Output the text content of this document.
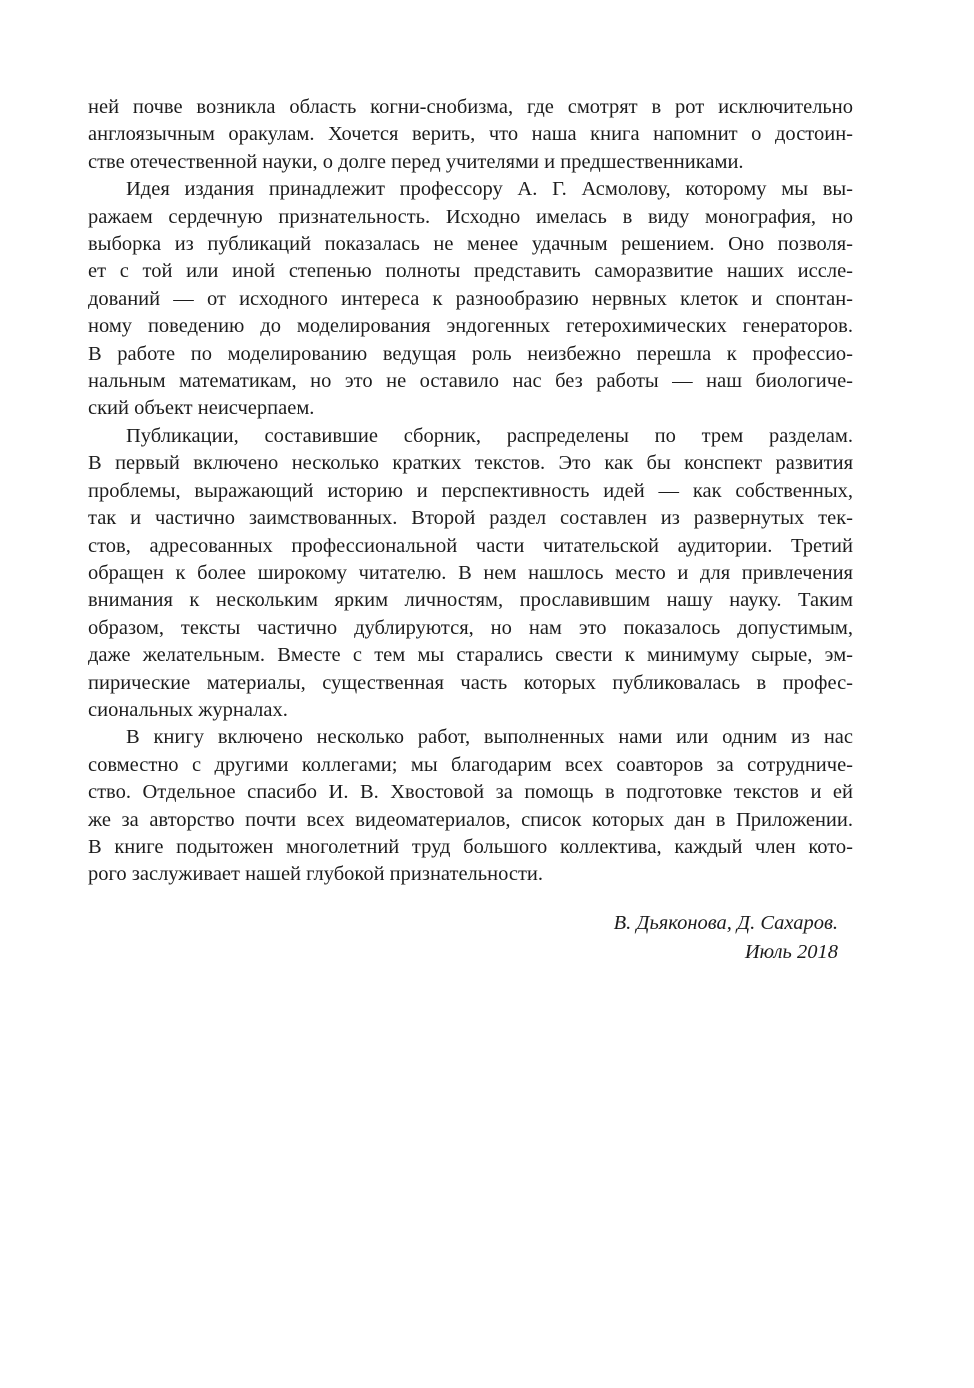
ней почве возникла область когни-снобизма, где смотрят в рот исключительно
англоязычным оракулам. Хочется верить, что наша книга напомнит о достоин-
стве отечественной науки, о долге перед учителями и предшественниками.
Идея издания принадлежит профессору А. Г. Асмолову, которому мы вы-
ражаем сердечную признательность. Исходно имелась в виду монография, но
выборка из публикаций показалась не менее удачным решением. Оно позволя-
ет с той или иной степенью полноты представить саморазвитие наших иссле-
дований — от исходного интереса к разнообразию нервных клеток и спонтан-
ному поведению до моделирования эндогенных гетерохимических генераторов.
В работе по моделированию ведущая роль неизбежно перешла к профессио-
нальным математикам, но это не оставило нас без работы — наш биологиче-
ский объект неисчерпаем.
Публикации, составившие сборник, распределены по трем разделам.
В первый включено несколько кратких текстов. Это как бы конспект развития
проблемы, выражающий историю и перспективность идей — как собственных,
так и частично заимствованных. Второй раздел составлен из развернутых тек-
стов, адресованных профессиональной части читательской аудитории. Третий
обращен к более широкому читателю. В нем нашлось место и для привлечения
внимания к нескольким ярким личностям, прославившим нашу науку. Таким
образом, тексты частично дублируются, но нам это показалось допустимым,
даже желательным. Вместе с тем мы старались свести к минимуму сырые, эм-
пирические материалы, существенная часть которых публиковалась в профес-
сиональных журналах.
В книгу включено несколько работ, выполненных нами или одним из нас
совместно с другими коллегами; мы благодарим всех соавторов за сотрудниче-
ство. Отдельное спасибо И. В. Хвостовой за помощь в подготовке текстов и ей
же за авторство почти всех видеоматериалов, список которых дан в Приложении.
В книге подытожен многолетний труд большого коллектива, каждый член кото-
рого заслуживает нашей глубокой признательности.
В. Дьяконова, Д. Сахаров.
Июль 2018
